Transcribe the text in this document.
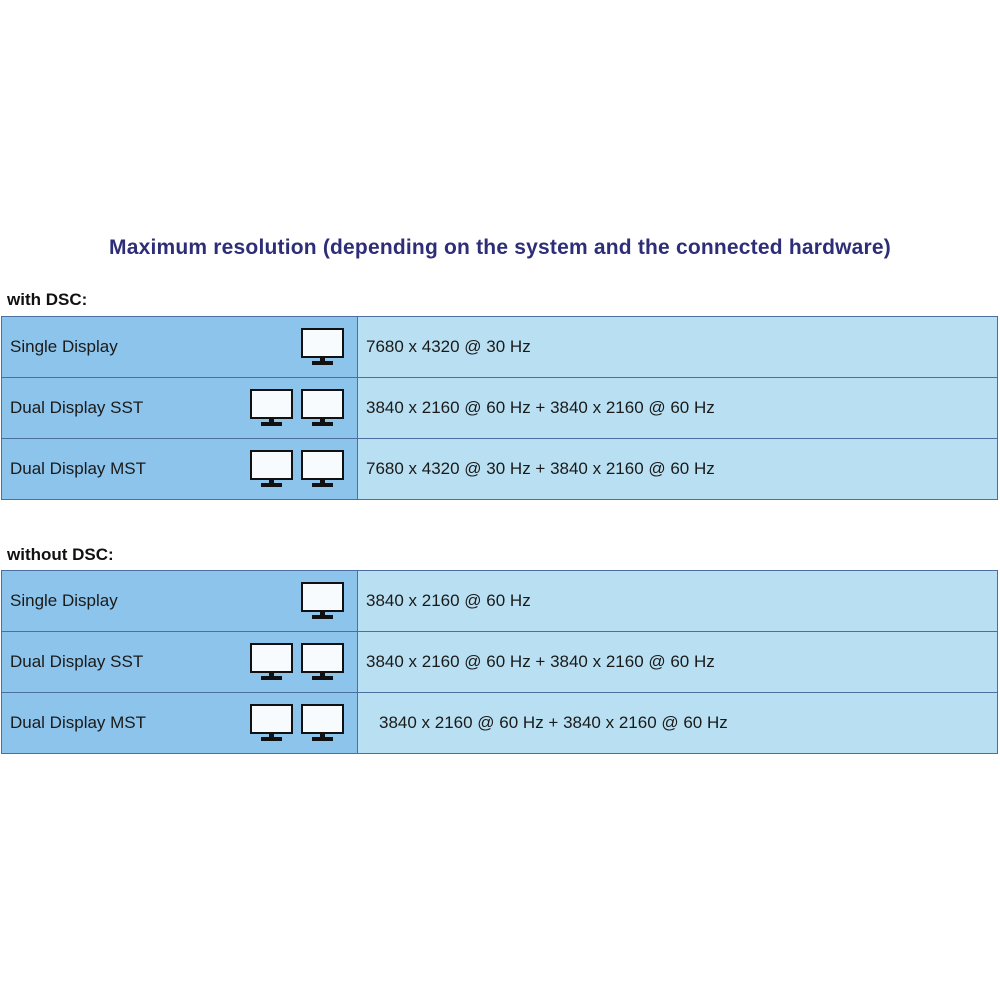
Maximum resolution (depending on the system and the connected hardware)
with DSC:
Single Display	7680 x 4320 @ 30 Hz

Dual Display SST	3840 x 2160 @ 60 Hz + 3840 x 2160 @ 60 Hz

Dual Display MST	7680 x 4320 @ 30 Hz + 3840 x 2160 @ 60 Hz
without DSC:
Single Display	3840 x 2160 @ 60 Hz

Dual Display SST	3840 x 2160 @ 60 Hz + 3840 x 2160 @ 60 Hz

Dual Display MST	3840 x 2160 @ 60 Hz + 3840 x 2160 @ 60 Hz
